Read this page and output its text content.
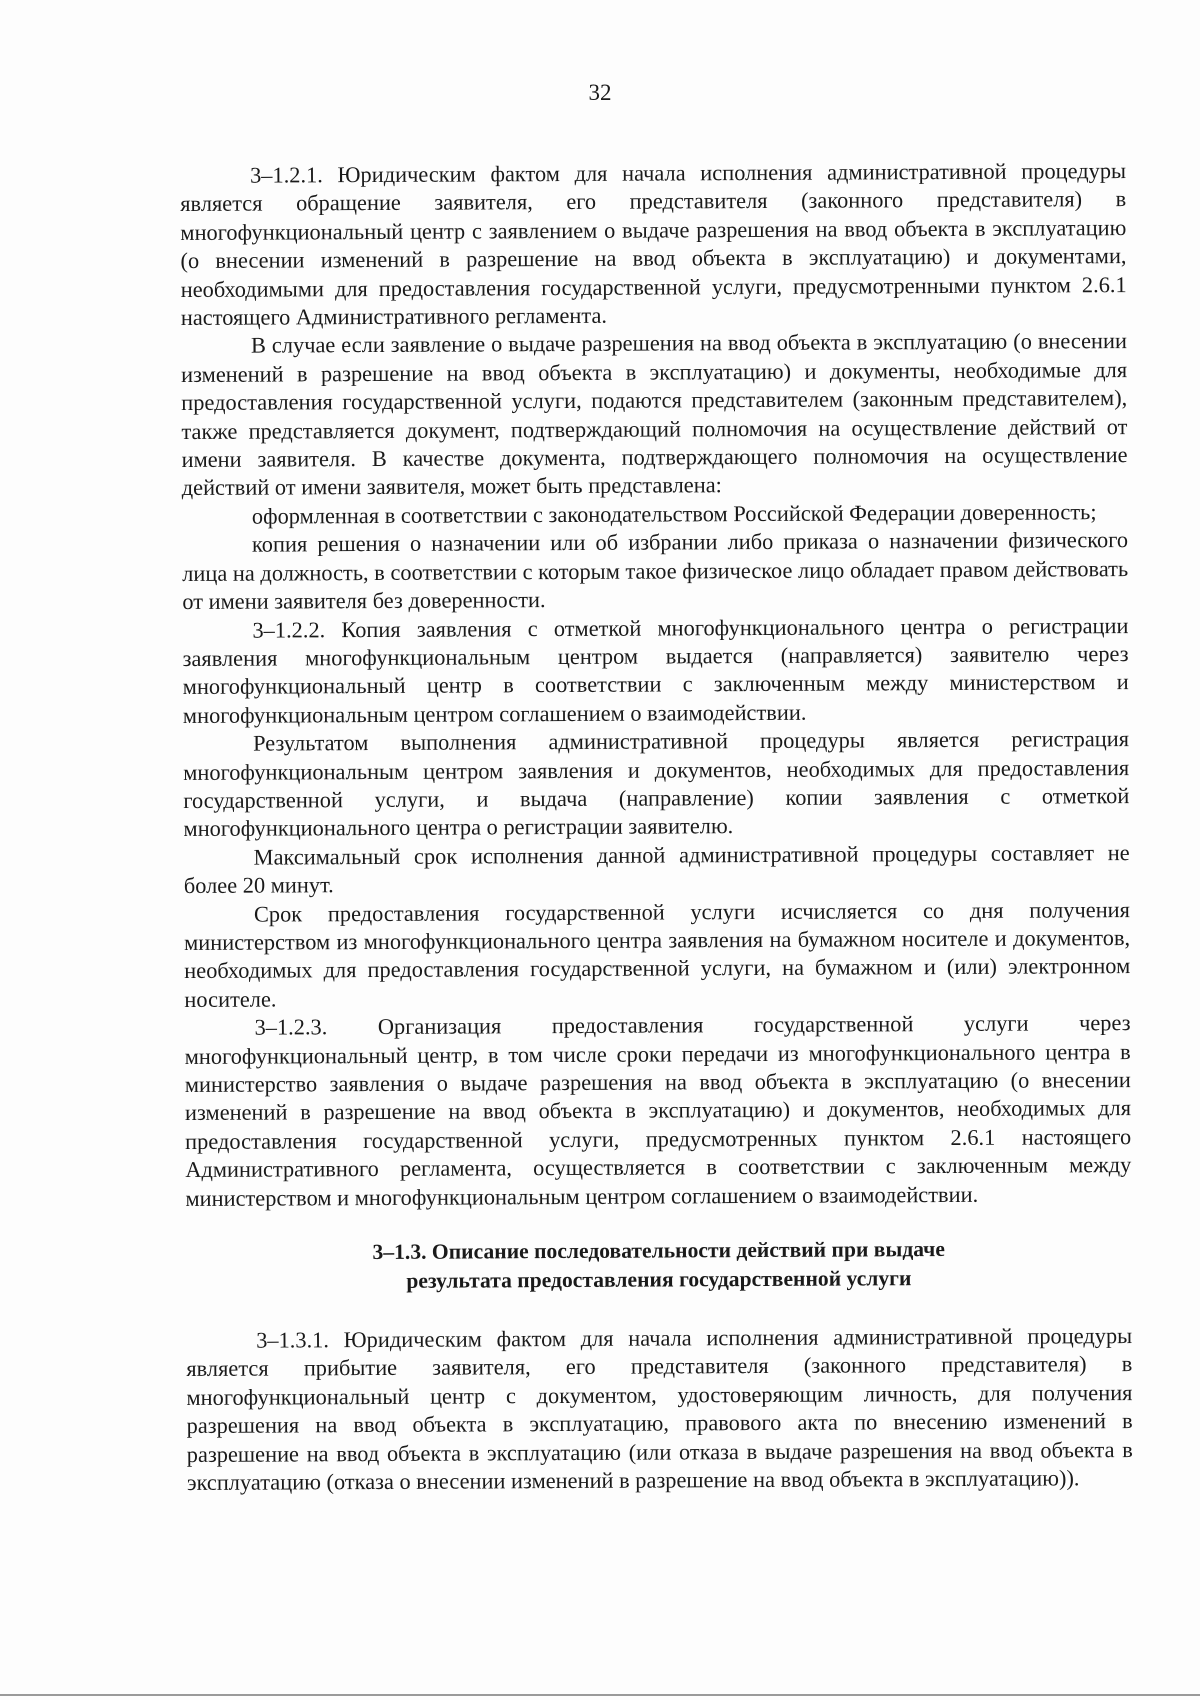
32

3–1.2.1. Юридическим фактом для начала исполнения административной процедуры является обращение заявителя, его представителя (законного представителя) в многофункциональный центр с заявлением о выдаче разрешения на ввод объекта в эксплуатацию (о внесении изменений в разрешение на ввод объекта в эксплуатацию) и документами, необходимыми для предоставления государственной услуги, предусмотренными пунктом 2.6.1 настоящего Административного регламента.

В случае если заявление о выдаче разрешения на ввод объекта в эксплуатацию (о внесении изменений в разрешение на ввод объекта в эксплуатацию) и документы, необходимые для предоставления государственной услуги, подаются представителем (законным представителем), также представляется документ, подтверждающий полномочия на осуществление действий от имени заявителя. В качестве документа, подтверждающего полномочия на осуществление действий от имени заявителя, может быть представлена:

оформленная в соответствии с законодательством Российской Федерации доверенность;

копия решения о назначении или об избрании либо приказа о назначении физического лица на должность, в соответствии с которым такое физическое лицо обладает правом действовать от имени заявителя без доверенности.

3–1.2.2. Копия заявления с отметкой многофункционального центра о регистрации заявления многофункциональным центром выдается (направляется) заявителю через многофункциональный центр в соответствии с заключенным между министерством и многофункциональным центром соглашением о взаимодействии.

Результатом выполнения административной процедуры является регистрация многофункциональным центром заявления и документов, необходимых для предоставления государственной услуги, и выдача (направление) копии заявления с отметкой многофункционального центра о регистрации заявителю.

Максимальный срок исполнения данной административной процедуры составляет не более 20 минут.

Срок предоставления государственной услуги исчисляется со дня получения министерством из многофункционального центра заявления на бумажном носителе и документов, необходимых для предоставления государственной услуги, на бумажном и (или) электронном носителе.

3–1.2.3. Организация предоставления государственной услуги через многофункциональный центр, в том числе сроки передачи из многофункционального центра в министерство заявления о выдаче разрешения на ввод объекта в эксплуатацию (о внесении изменений в разрешение на ввод объекта в эксплуатацию) и документов, необходимых для предоставления государственной услуги, предусмотренных пунктом 2.6.1 настоящего Административного регламента, осуществляется в соответствии с заключенным между министерством и многофункциональным центром соглашением о взаимодействии.

3–1.3. Описание последовательности действий при выдаче
результата предоставления государственной услуги

3–1.3.1. Юридическим фактом для начала исполнения административной процедуры является прибытие заявителя, его представителя (законного представителя) в многофункциональный центр с документом, удостоверяющим личность, для получения разрешения на ввод объекта в эксплуатацию, правового акта по внесению изменений в разрешение на ввод объекта в эксплуатацию (или отказа в выдаче разрешения на ввод объекта в эксплуатацию (отказа о внесении изменений в разрешение на ввод объекта в эксплуатацию)).
